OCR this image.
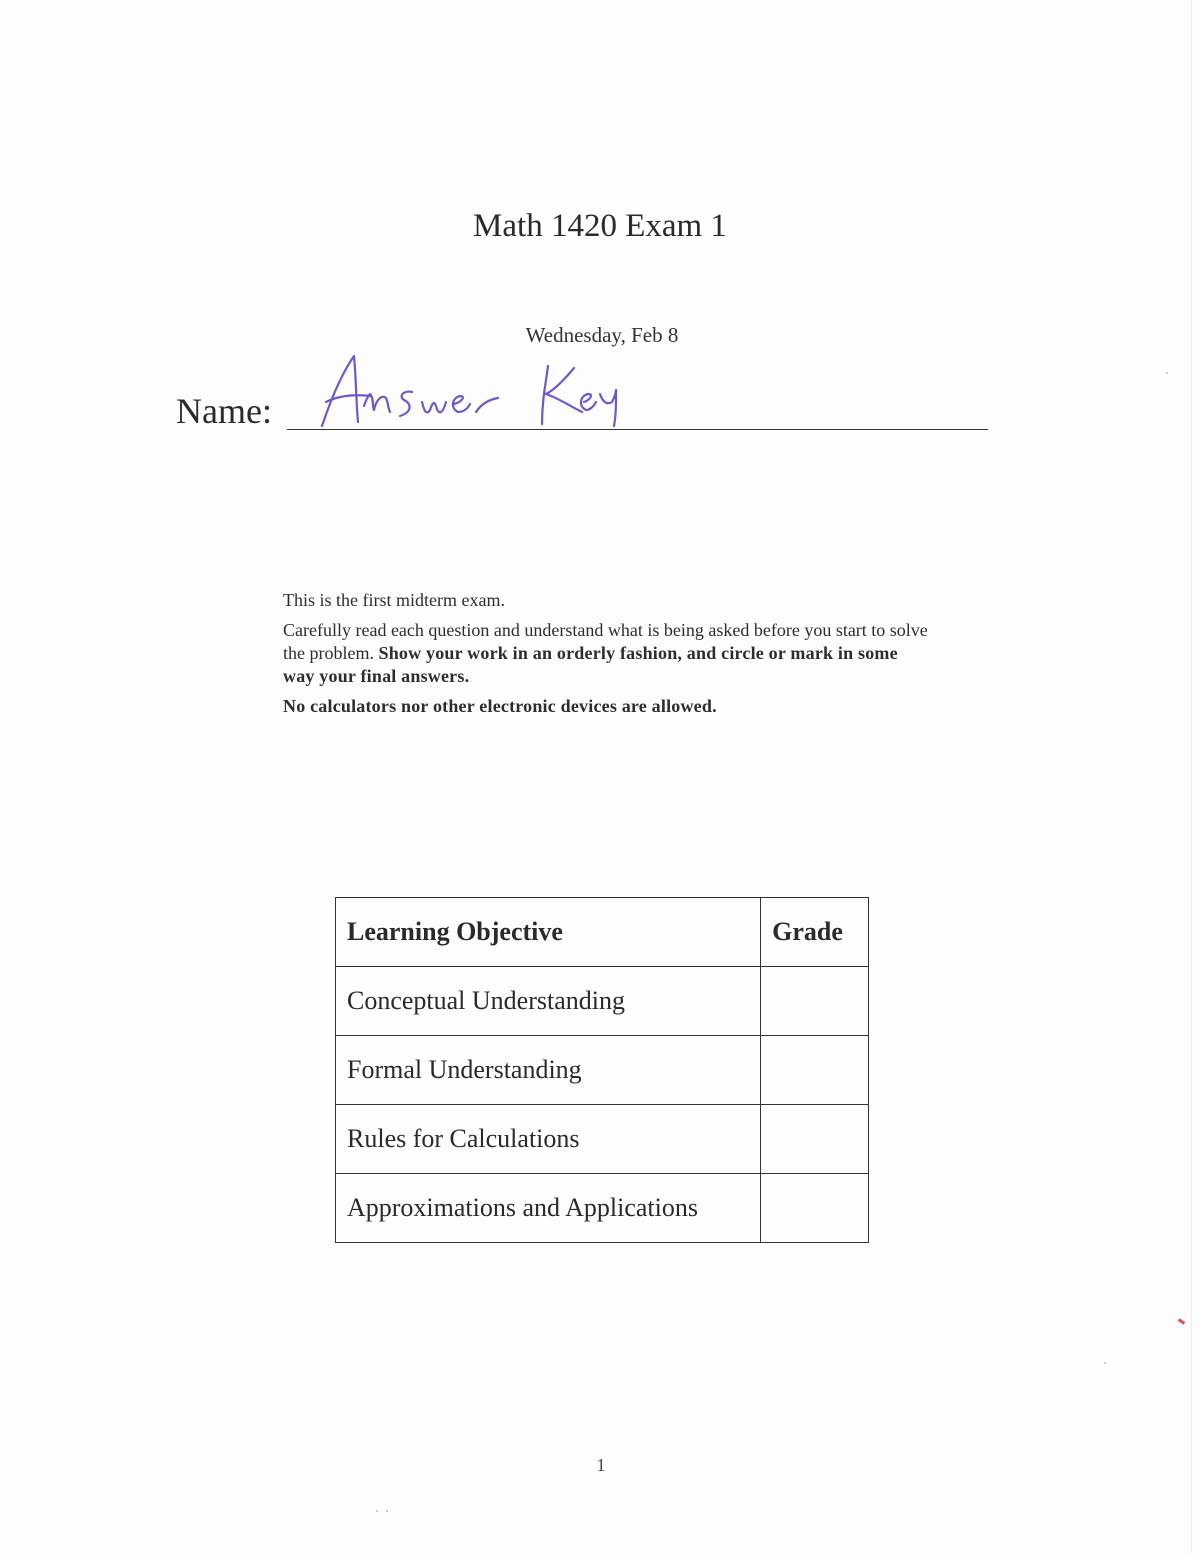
Math 1420 Exam 1
Wednesday, Feb 8
Name:

This is the first midterm exam.

Carefully read each question and understand what is being asked before you start to solve the problem. Show your work in an orderly fashion, and circle or mark in some way your final answers.

No calculators nor other electronic devices are allowed.

Learning Objective	Grade
Conceptual Understanding	
Formal Understanding	
Rules for Calculations	
Approximations and Applications	
1
